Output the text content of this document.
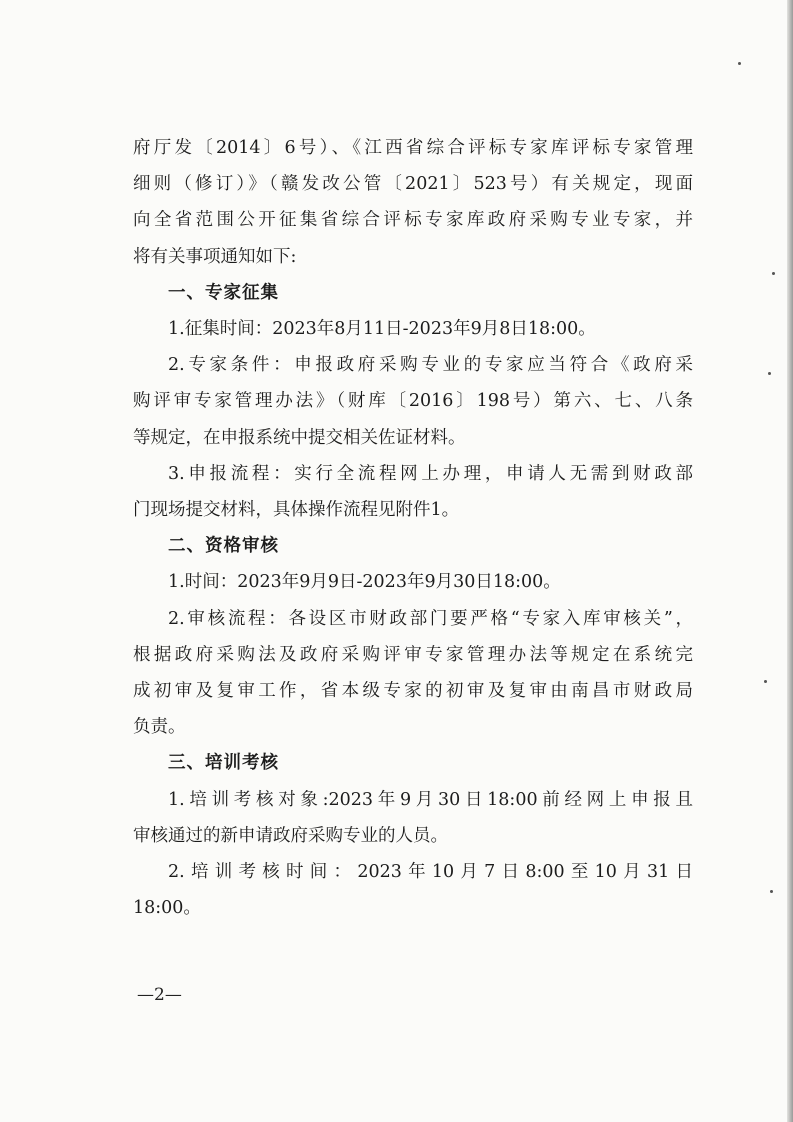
府厅发〔2014〕6号）、《江西省综合评标专家库评标专家管理

细则（修订）》（赣发改公管〔2021〕523号）有关规定，现面

向全省范围公开征集省综合评标专家库政府采购专业专家，并

将有关事项通知如下:

一、专家征集

1.征集时间：2023年8月11日-2023年9月8日18:00。

2.专家条件：申报政府采购专业的专家应当符合《政府采

购评审专家管理办法》（财库〔2016〕198号）第六、七、八条

等规定，在申报系统中提交相关佐证材料。

3.申报流程：实行全流程网上办理，申请人无需到财政部

门现场提交材料，具体操作流程见附件1。

二、资格审核

1.时间：2023年9月9日-2023年9月30日18:00。

2.审核流程：各设区市财政部门要严格“专家入库审核关”，

根据政府采购法及政府采购评审专家管理办法等规定在系统完

成初审及复审工作，省本级专家的初审及复审由南昌市财政局

负责。

三、培训考核

1.培训考核对象:2023年9月30日18:00前经网上申报且

审核通过的新申请政府采购专业的人员。

2.培训考核时间：2023年10月7日8:00至10月31日

18:00。

—2—
